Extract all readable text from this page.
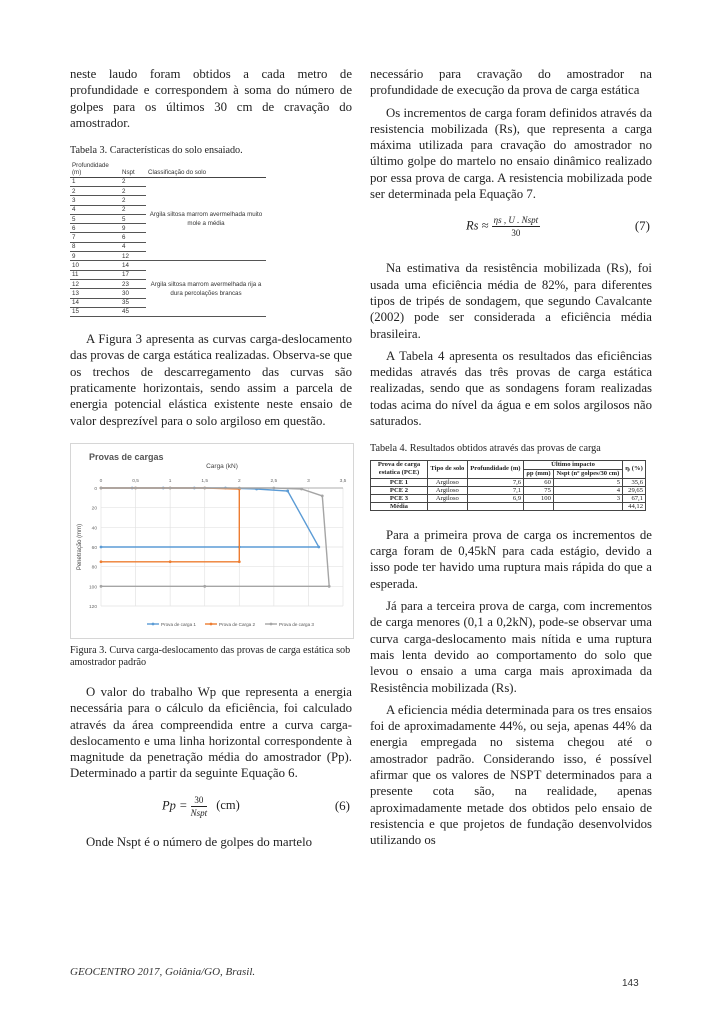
neste laudo foram obtidos a cada metro de profundidade e correspondem à soma do número de golpes para os últimos 30 cm de cravação do amostrador.

Tabela 3. Características do solo ensaiado.

Profundidade (m)	Nspt	Classificação do solo
1	2	Argila siltosa marrom avermelhada muito mole a média
2	2	
3	2	
4	2	
5	5	
6	9	
7	6	
8	4	
9	12	
10	14	Argila siltosa marrom avermelhada rija a dura percolações brancas
11	17	
12	23	
13	30	
14	35	
15	45	

A Figura 3 apresenta as curvas carga-deslocamento das provas de carga estática realizadas. Observa-se que os trechos de descarregamento das curvas são praticamente horizontais, sendo assim a parcela de energia potencial elástica existente neste ensaio de valor desprezível para o solo argiloso em questão.

Provas de cargas
Carga (kN)
0
20
40
60
80
100
120
0	0,5	1	1,5	2	2,5	3	3,5
Penetração (mm)
Prova de carga 1	Prova de Carga 2	Prova de carga 3

Figura 3. Curva carga-deslocamento das provas de carga estática sob amostrador padrão

O valor do trabalho Wp que representa a energia necessária para o cálculo da eficiência, foi calculado através da área compreendida entre a curva carga-deslocamento e uma linha horizontal correspondente à magnitude da penetração média do amostrador (Pp). Determinado a partir da seguinte Equação 6.

$Pp = \frac{30}{\text{Nspt}} (cm)$	(6)

Onde Nspt é o número de golpes do martelo

necessário para cravação do amostrador na profundidade de execução da prova de carga estática

Os incrementos de carga foram definidos através da resistencia mobilizada (Rs), que representa a carga máxima utilizada para cravação do amostrador no último golpe do martelo no ensaio dinâmico realizado por essa prova de carga. A resistencia mobilizada pode ser determinada pela Equação 7.

$Rs \approx \frac{\text{ηs , U . Nspt}}{30}$	(7)

Na estimativa da resistência mobilizada (Rs), foi usada uma eficiência média de 82%, para diferentes tipos de tripés de sondagem, que segundo Cavalcante (2002) pode ser considerada a eficiência média brasileira.

A Tabela 4 apresenta os resultados das eficiências medidas através das três provas de carga estática realizadas, sendo que as sondagens foram realizadas todas acima do nível da água e em solos argilosos não saturados.

Tabela 4. Resultados obtidos através das provas de carga

Prova de carga estatica (PCE)	Tipo de solo	Profundidade (m)	Último impacto		ηᵢ (%)
			ρp (mm)	Nspt (nº golpes/30 cm)	
PCE 1	Argiloso	7,6	60	5	35,6
PCE 2	Argiloso	7,1	75	4	29,65
PCE 3	Argiloso	6,9	100	3	67,1
Média					44,12

Para a primeira prova de carga os incrementos de carga foram de 0,45kN para cada estágio, devido a isso pode ter havido uma ruptura mais rápida do que a esperada.

Já para a terceira prova de carga, com incrementos de carga menores (0,1 a 0,2kN), pode-se observar uma curva carga-deslocamento mais nítida e uma ruptura mais lenta devido ao comportamento do solo que levou o ensaio a uma carga mais aproximada da Resistência mobilizada (Rs).

A eficiencia média determinada para os tres ensaios foi de aproximadamente 44%, ou seja, apenas 44% da energia empregada no sistema chegou até o amostrador padrão. Considerando isso, é possível afirmar que os valores de NSPT determinados para a presente cota são, na realidade, apenas aproximadamente metade dos obtidos pelo ensaio de resistencia e que projetos de fundação desenvolvidos utilizando os

GEOCENTRO 2017, Goiânia/GO, Brasil.
143
